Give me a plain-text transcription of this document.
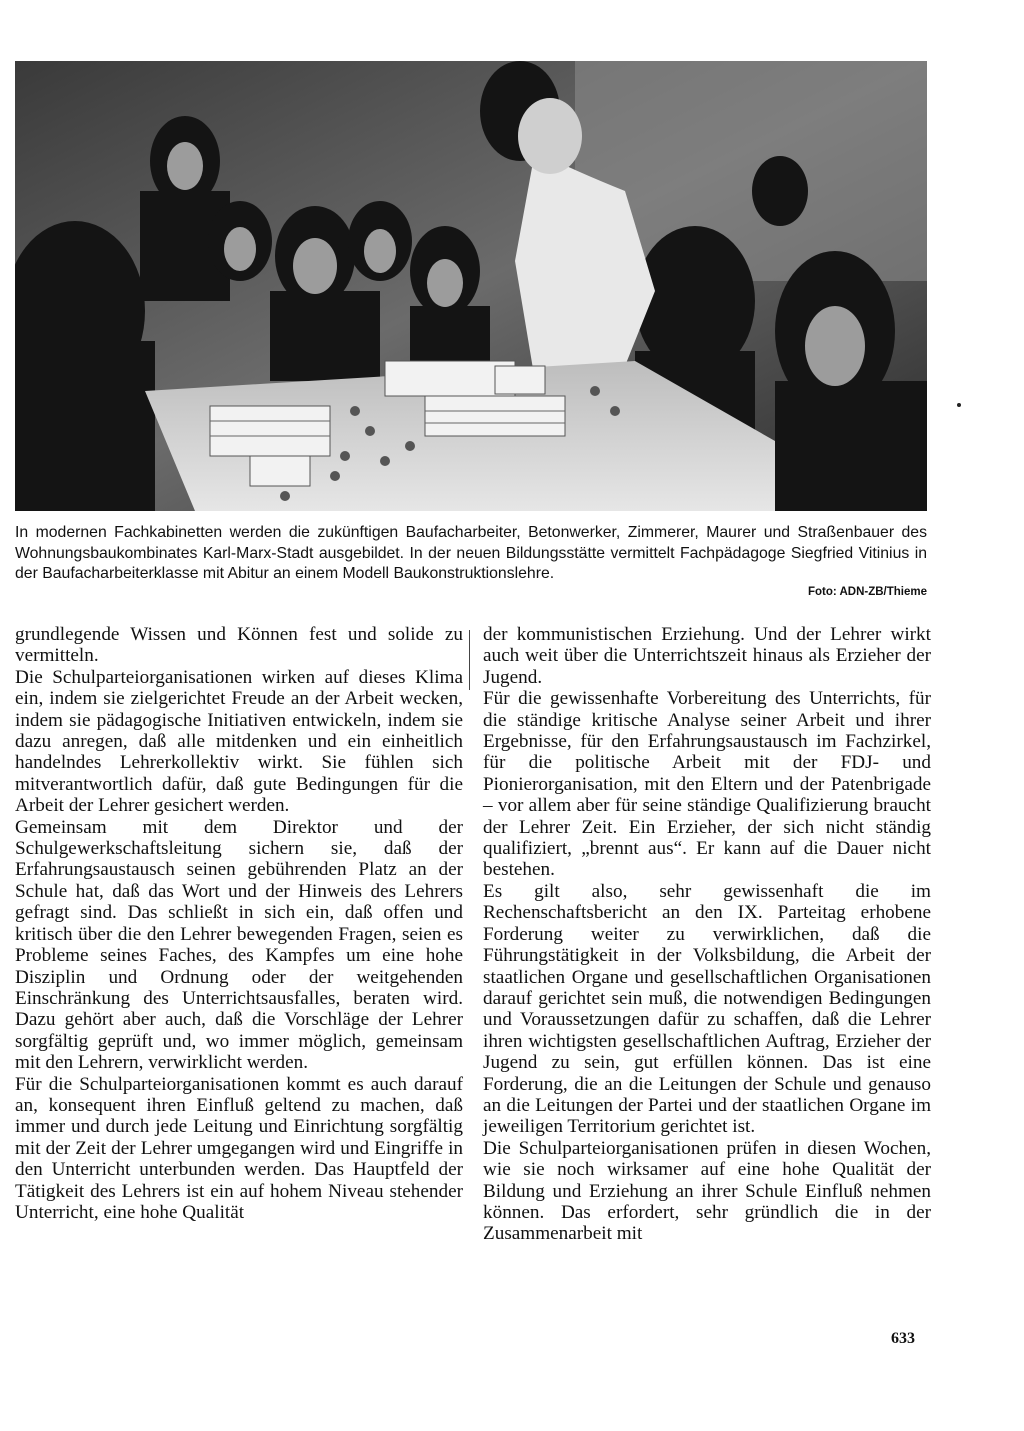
In modernen Fachkabinetten werden die zukünftigen Baufacharbeiter, Betonwerker, Zimmerer, Maurer und Straßenbauer des Wohnungsbaukombinates Karl-Marx-Stadt ausgebildet. In der neuen Bildungsstätte vermittelt Fachpädagoge Siegfried Vitinius in der Baufacharbeiterklasse mit Abitur an einem Modell Baukonstruktionslehre.
Foto: ADN-ZB/Thieme

grundlegende Wissen und Können fest und solide zu vermitteln.

Die Schulparteiorganisationen wirken auf dieses Klima ein, indem sie zielgerichtet Freude an der Arbeit wecken, indem sie pädagogische Initiativen entwickeln, indem sie dazu anregen, daß alle mitdenken und ein einheitlich handelndes Lehrerkollektiv wirkt. Sie fühlen sich mitverantwortlich dafür, daß gute Bedingungen für die Arbeit der Lehrer gesichert werden.

Gemeinsam mit dem Direktor und der Schulgewerkschaftsleitung sichern sie, daß der Erfahrungsaustausch seinen gebührenden Platz an der Schule hat, daß das Wort und der Hinweis des Lehrers gefragt sind. Das schließt in sich ein, daß offen und kritisch über die den Lehrer bewegenden Fragen, seien es Probleme seines Faches, des Kampfes um eine hohe Disziplin und Ordnung oder der weitgehenden Einschränkung des Unterrichtsausfalles, beraten wird. Dazu gehört aber auch, daß die Vorschläge der Lehrer sorgfältig geprüft und, wo immer möglich, gemeinsam mit den Lehrern, verwirklicht werden.

Für die Schulparteiorganisationen kommt es auch darauf an, konsequent ihren Einfluß geltend zu machen, daß immer und durch jede Leitung und Einrichtung sorgfältig mit der Zeit der Lehrer umgegangen wird und Eingriffe in den Unterricht unterbunden werden. Das Hauptfeld der Tätigkeit des Lehrers ist ein auf hohem Niveau stehender Unterricht, eine hohe Qualität

der kommunistischen Erziehung. Und der Lehrer wirkt auch weit über die Unterrichtszeit hinaus als Erzieher der Jugend.

Für die gewissenhafte Vorbereitung des Unterrichts, für die ständige kritische Analyse seiner Arbeit und ihrer Ergebnisse, für den Erfahrungsaustausch im Fachzirkel, für die politische Arbeit mit der FDJ- und Pionierorganisation, mit den Eltern und der Patenbrigade – vor allem aber für seine ständige Qualifizierung braucht der Lehrer Zeit. Ein Erzieher, der sich nicht ständig qualifiziert, „brennt aus“. Er kann auf die Dauer nicht bestehen.

Es gilt also, sehr gewissenhaft die im Rechenschaftsbericht an den IX. Parteitag erhobene Forderung weiter zu verwirklichen, daß die Führungstätigkeit in der Volksbildung, die Arbeit der staatlichen Organe und gesellschaftlichen Organisationen darauf gerichtet sein muß, die notwendigen Bedingungen und Voraussetzungen dafür zu schaffen, daß die Lehrer ihren wichtigsten gesellschaftlichen Auftrag, Erzieher der Jugend zu sein, gut erfüllen können. Das ist eine Forderung, die an die Leitungen der Schule und genauso an die Leitungen der Partei und der staatlichen Organe im jeweiligen Territorium gerichtet ist.

Die Schulparteiorganisationen prüfen in diesen Wochen, wie sie noch wirksamer auf eine hohe Qualität der Bildung und Erziehung an ihrer Schule Einfluß nehmen können. Das erfordert, sehr gründlich die in der Zusammenarbeit mit

633
